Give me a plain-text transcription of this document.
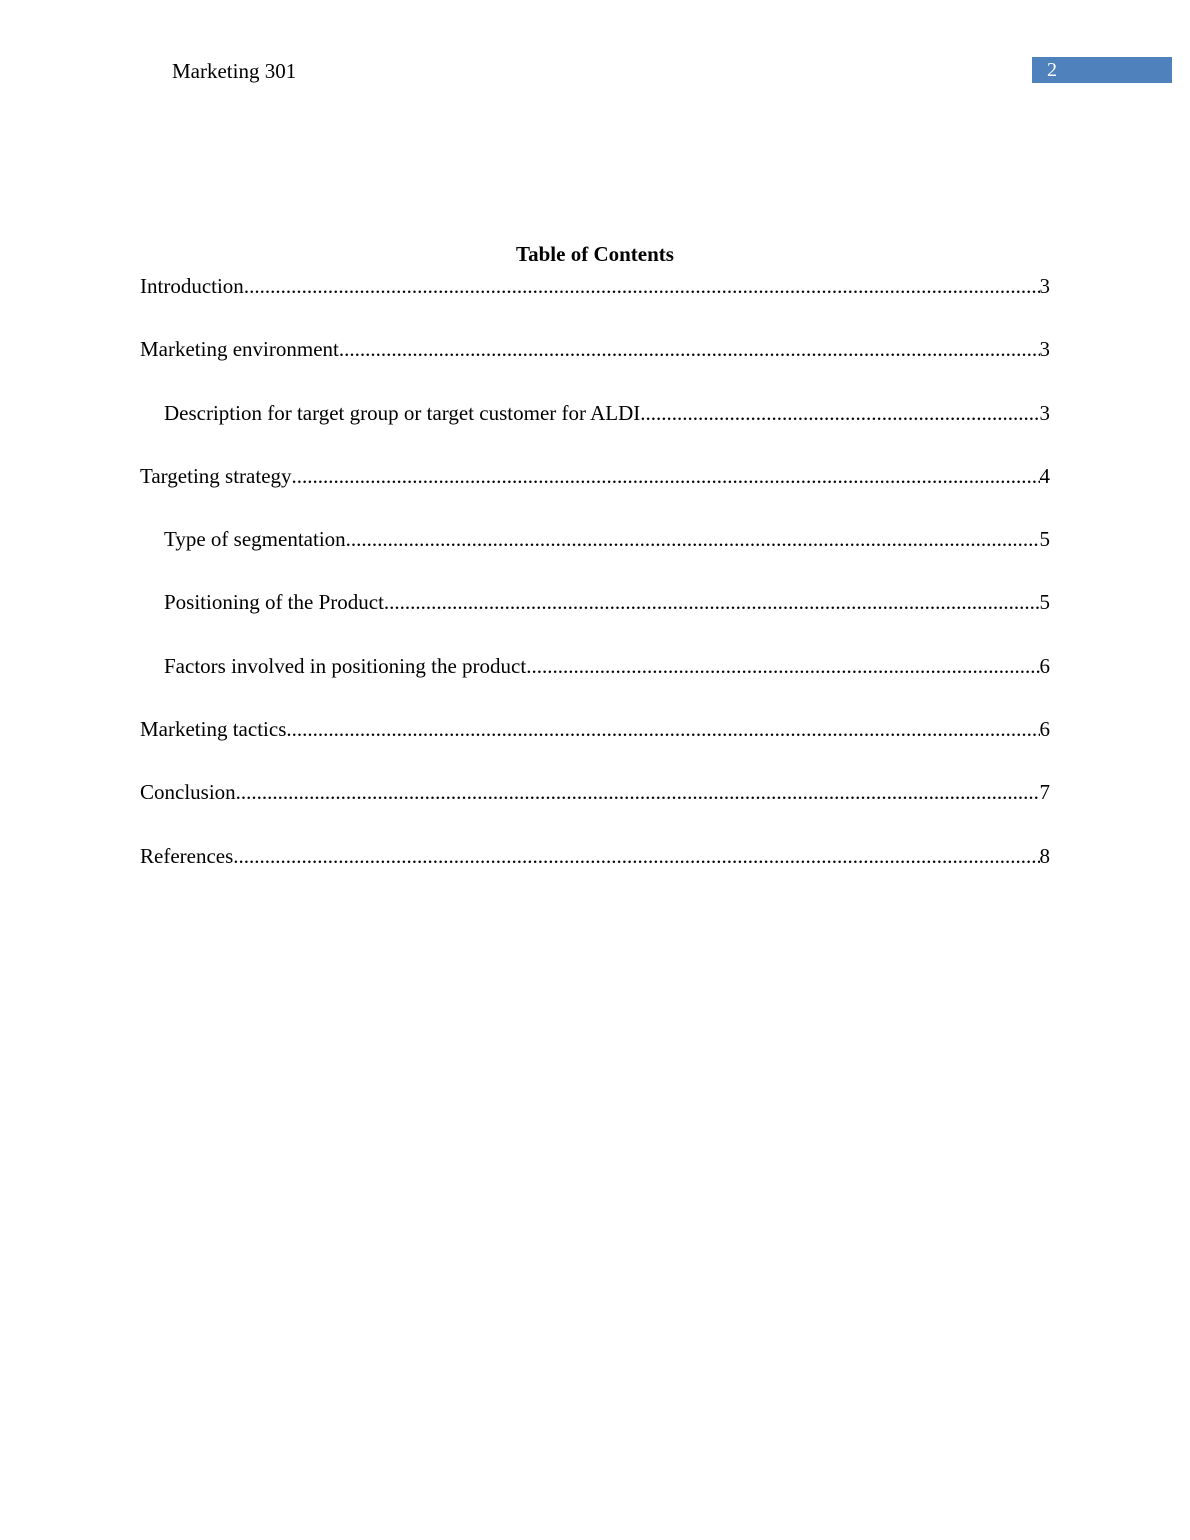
Marketing 301	2
Table of Contents
Introduction .....	3
Marketing environment .....	3
Description for target group or target customer for ALDI .....	3
Targeting strategy .....	4
Type of segmentation .....	5
Positioning of the Product .....	5
Factors involved in positioning the product .....	6
Marketing tactics .....	6
Conclusion .....	7
References .....	8
